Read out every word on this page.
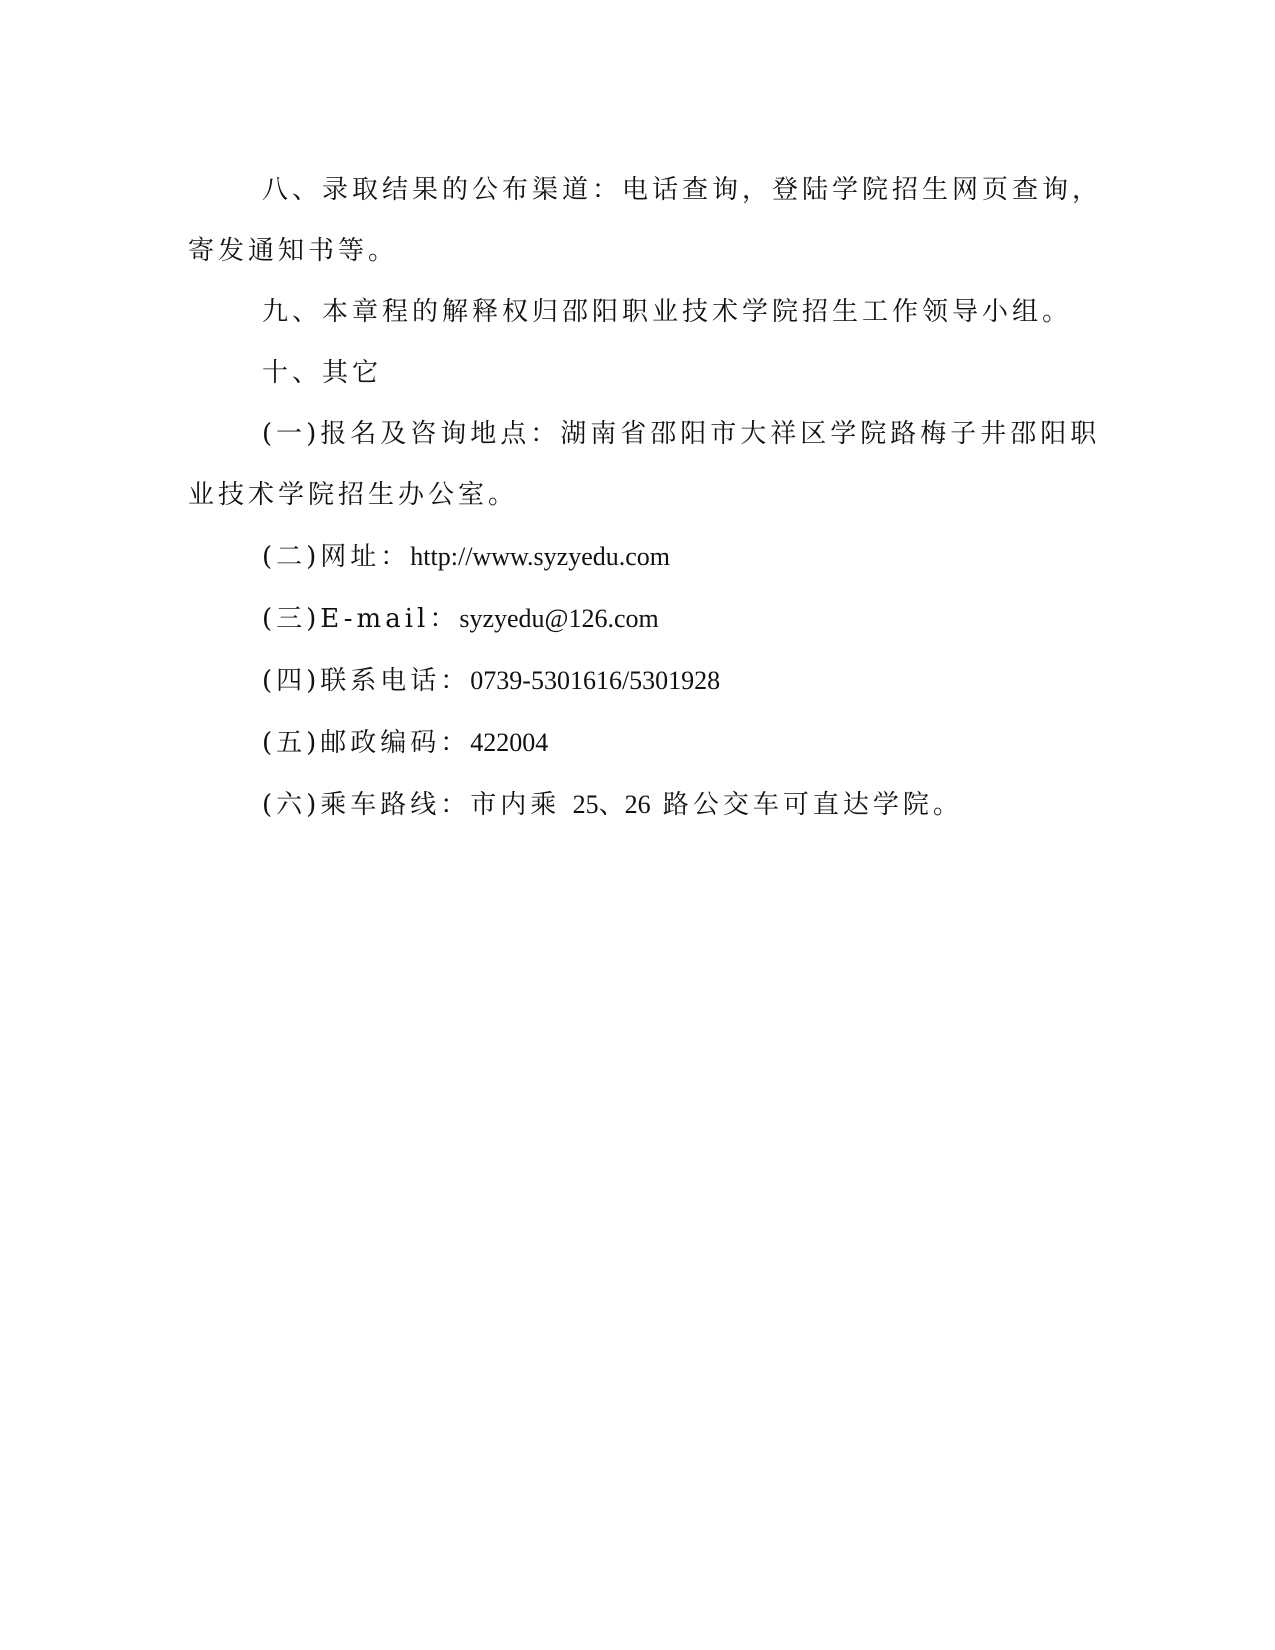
八、录取结果的公布渠道：电话查询，登陆学院招生网页查询，

寄发通知书等。

九、本章程的解释权归邵阳职业技术学院招生工作领导小组。

十、其它

(一)报名及咨询地点：湖南省邵阳市大祥区学院路梅子井邵阳职

业技术学院招生办公室。

(二)网址：http://www.syzyedu.com

(三)E-mail：syzyedu@126.com

(四)联系电话：0739-5301616/5301928

(五)邮政编码：422004

(六)乘车路线：市内乘 25、26 路公交车可直达学院。
